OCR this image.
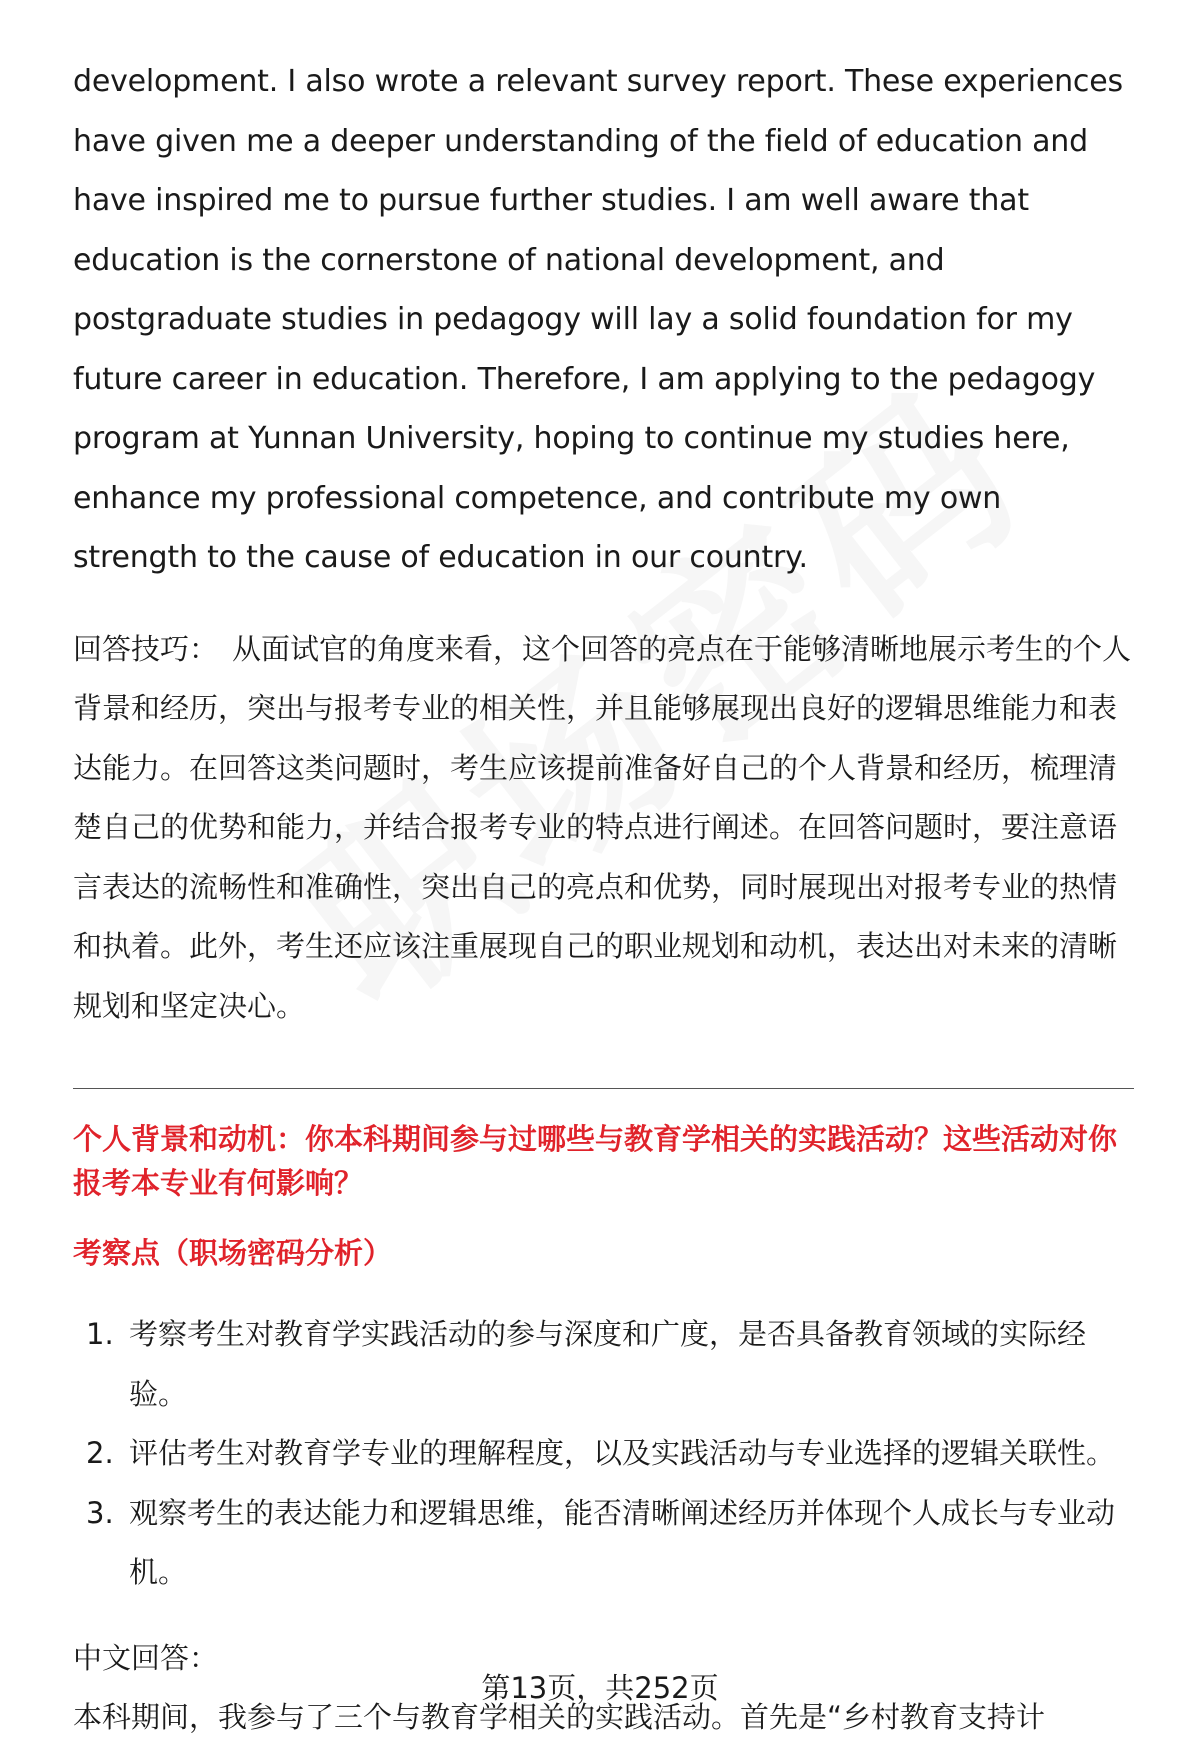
development. I also wrote a relevant survey report. These experiences have given me a deeper understanding of the field of education and have inspired me to pursue further studies. I am well aware that education is the cornerstone of national development, and postgraduate studies in pedagogy will lay a solid foundation for my future career in education. Therefore, I am applying to the pedagogy program at Yunnan University, hoping to continue my studies here, enhance my professional competence, and contribute my own strength to the cause of education in our country.

回答技巧： 从面试官的角度来看，这个回答的亮点在于能够清晰地展示考生的个人背景和经历，突出与报考专业的相关性，并且能够展现出良好的逻辑思维能力和表达能力。在回答这类问题时，考生应该提前准备好自己的个人背景和经历，梳理清楚自己的优势和能力，并结合报考专业的特点进行阐述。在回答问题时，要注意语言表达的流畅性和准确性，突出自己的亮点和优势，同时展现出对报考专业的热情和执着。此外，考生还应该注重展现自己的职业规划和动机，表达出对未来的清晰规划和坚定决心。

个人背景和动机：你本科期间参与过哪些与教育学相关的实践活动？这些活动对你报考本专业有何影响？

考察点（职场密码分析）

1. 考察考生对教育学实践活动的参与深度和广度，是否具备教育领域的实际经验。
2. 评估考生对教育学专业的理解程度，以及实践活动与专业选择的逻辑关联性。
3. 观察考生的表达能力和逻辑思维，能否清晰阐述经历并体现个人成长与专业动机。

中文回答：

本科期间，我参与了三个与教育学相关的实践活动。首先是“乡村教育支持计

第13页，共252页
